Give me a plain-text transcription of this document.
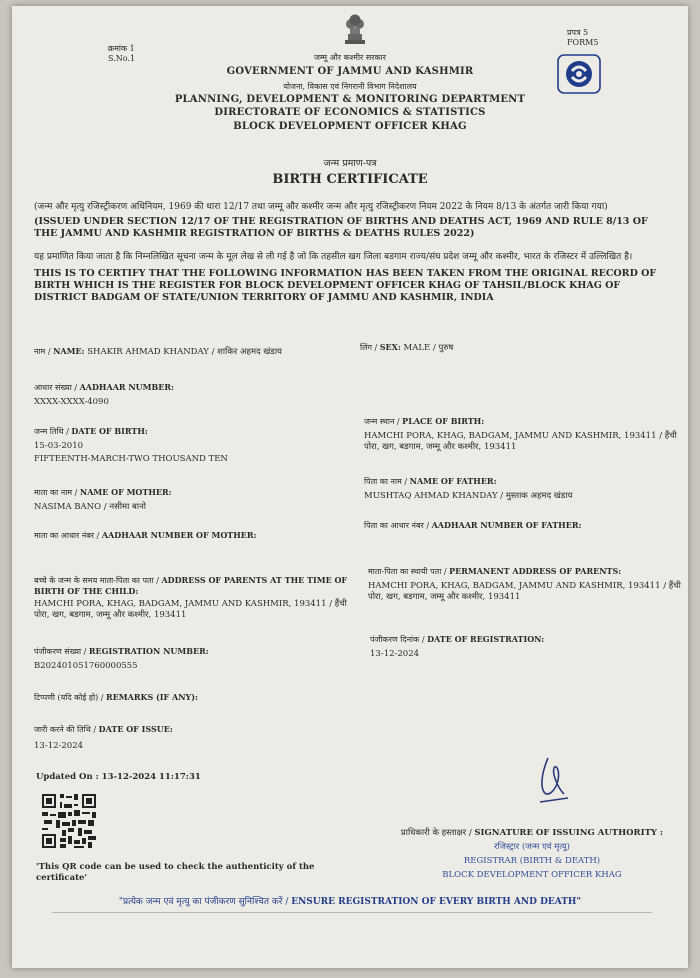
क्रमांक 1
S.No.1
प्रपत्र 5
FORM5
जम्मू और कश्मीर सरकार
GOVERNMENT OF JAMMU AND KASHMIR
योजना, विकास एवं निगरानी विभाग निदेशालय
PLANNING, DEVELOPMENT & MONITORING DEPARTMENT
DIRECTORATE OF ECONOMICS & STATISTICS
BLOCK DEVELOPMENT OFFICER KHAG
जन्म प्रमाण-पत्र
BIRTH CERTIFICATE
(जन्म और मृत्यु रजिस्ट्रीकरण अधिनियम, 1969 की धारा 12/17 तथा जम्मू और कश्मीर जन्म और मृत्यु रजिस्ट्रीकरण नियम 2022 के नियम 8/13 के अंतर्गत जारी किया गया)
(ISSUED UNDER SECTION 12/17 OF THE REGISTRATION OF BIRTHS AND DEATHS ACT, 1969 AND RULE 8/13 OF THE JAMMU AND KASHMIR REGISTRATION OF BIRTHS & DEATHS RULES 2022)
यह प्रमाणित किया जाता है कि निम्नलिखित सूचना जन्म के मूल लेख से ली गई है जो कि तहसील खग जिला बडगाम राज्य/संघ प्रदेश जम्मू और कश्मीर, भारत के रजिस्टर में उल्लिखित है।
THIS IS TO CERTIFY THAT THE FOLLOWING INFORMATION HAS BEEN TAKEN FROM THE ORIGINAL RECORD OF BIRTH WHICH IS THE REGISTER FOR BLOCK DEVELOPMENT OFFICER KHAG OF TAHSIL/BLOCK KHAG OF DISTRICT BADGAM OF STATE/UNION TERRITORY OF JAMMU AND KASHMIR, INDIA
नाम / NAME: SHAKIR AHMAD KHANDAY / शाकिर अहमद खंडाय	लिंग / SEX: MALE / पुरुष
आधार संख्या / AADHAAR NUMBER:
XXXX-XXXX-4090
जन्म तिथि / DATE OF BIRTH:
15-03-2010
FIFTEENTH-MARCH-TWO THOUSAND TEN
जन्म स्थान / PLACE OF BIRTH:
HAMCHI PORA, KHAG, BADGAM, JAMMU AND KASHMIR, 193411 / हैंची
पोरा, खग, बडगाम, जम्मू और कश्मीर, 193411
माता का नाम / NAME OF MOTHER:
NASIMA BANO / नसीमा बानो
पिता का नाम / NAME OF FATHER:
MUSHTAQ AHMAD KHANDAY / मुस्ताक अहमद खंडाय
माता का आधार नंबर / AADHAAR NUMBER OF MOTHER:
पिता का आधार नंबर / AADHAAR NUMBER OF FATHER:
बच्चे के जन्म के समय माता-पिता का पता / ADDRESS OF PARENTS AT THE TIME OF
BIRTH OF THE CHILD:
HAMCHI PORA, KHAG, BADGAM, JAMMU AND KASHMIR, 193411 / हैंची
पोरा, खग, बडगाम, जम्मू और कश्मीर, 193411
माता-पिता का स्थायी पता / PERMANENT ADDRESS OF PARENTS:
HAMCHI PORA, KHAG, BADGAM, JAMMU AND KASHMIR, 193411 / हैंची
पोरा, खग, बडगाम, जम्मू और कश्मीर, 193411
पंजीकरण संख्या / REGISTRATION NUMBER:
B202401051760000555
पंजीकरण दिनांक / DATE OF REGISTRATION:
13-12-2024
टिप्पणी (यदि कोई हो) / REMARKS (IF ANY):
जारी करने की तिथि / DATE OF ISSUE:
13-12-2024
Updated On : 13-12-2024 11:17:31
'This QR code can be used to check the authenticity of the
certificate'
प्राधिकारी के हस्ताक्षर / SIGNATURE OF ISSUING AUTHORITY :
रजिस्ट्रार (जन्म एवं मृत्यु)
REGISTRAR (BIRTH & DEATH)
BLOCK DEVELOPMENT OFFICER KHAG
"प्रत्येक जन्म एवं मृत्यु का पंजीकरण सुनिश्चित करें / ENSURE REGISTRATION OF EVERY BIRTH AND DEATH"
